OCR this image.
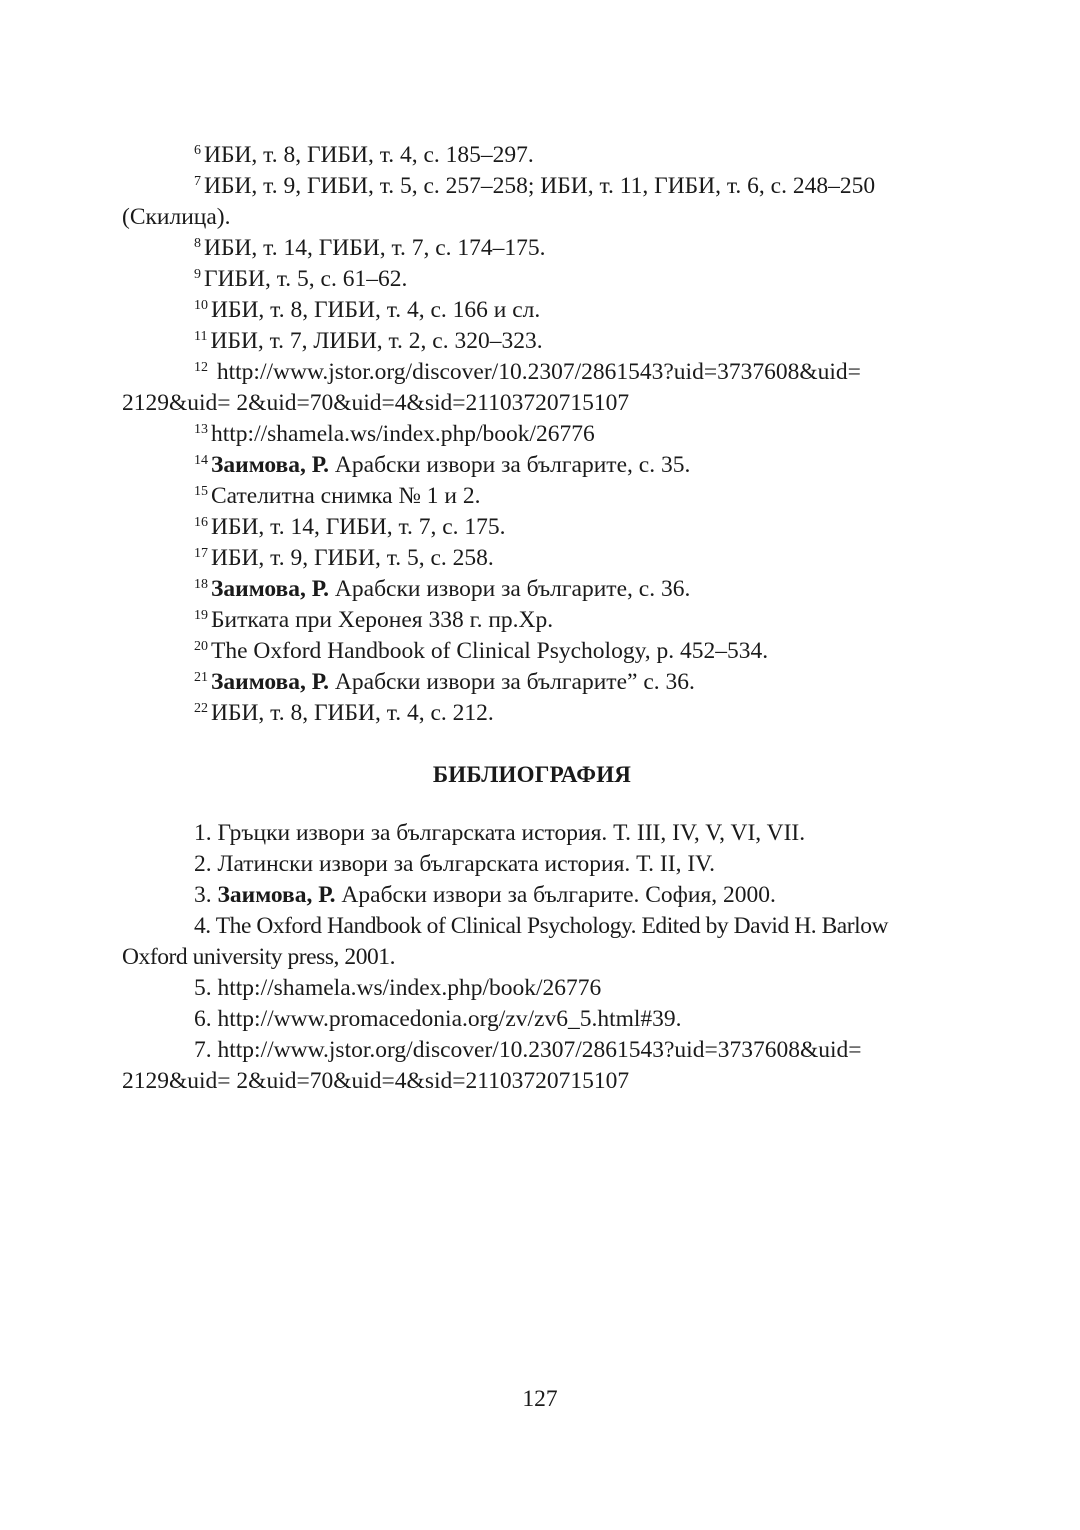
$^6$ ИБИ, т. 8, ГИБИ, т. 4, с. 185–297.

$^7$ ИБИ, т. 9, ГИБИ, т. 5, с. 257–258; ИБИ, т. 11, ГИБИ, т. 6, с. 248–250 (Скилица).

$^8$ ИБИ, т. 14, ГИБИ, т. 7, с. 174–175.

$^9$ ГИБИ, т. 5, с. 61–62.

$^{10}$ ИБИ, т. 8, ГИБИ, т. 4, с. 166 и сл.

$^{11}$ ИБИ, т. 7, ЛИБИ, т. 2, с. 320–323.

$^{12}$ http://www.jstor.org/discover/10.2307/2861543?uid=3737608&uid=
2129&uid= 2&uid=70&uid=4&sid=21103720715107

$^{13}$ http://shamela.ws/index.php/book/26776

$^{14}$ Заимова, Р. Арабски извори за българите, с. 35.

$^{15}$ Сателитна снимка № 1 и 2.

$^{16}$ ИБИ, т. 14, ГИБИ, т. 7, с. 175.

$^{17}$ ИБИ, т. 9, ГИБИ, т. 5, с. 258.

$^{18}$ Заимова, Р. Арабски извори за българите, с. 36.

$^{19}$ Битката при Херонея 338 г. пр.Хр.

$^{20}$ The Oxford Handbook of Clinical Psychology, p. 452–534.

$^{21}$ Заимова, Р. Арабски извори за българите” с. 36.

$^{22}$ ИБИ, т. 8, ГИБИ, т. 4, с. 212.

БИБЛИОГРАФИЯ

1. Гръцки извори за българската история. Т. III, IV, V, VI, VII.

2. Латински извори за българската история. Т. II, IV.

3. Заимова, Р. Арабски извори за българите. София, 2000.

4. The Oxford Handbook of Clinical Psychology. Edited by David H. Barlow Oxford university press, 2001.

5. http://shamela.ws/index.php/book/26776

6. http://www.promacedonia.org/zv/zv6_5.html#39.

7. http://www.jstor.org/discover/10.2307/2861543?uid=3737608&uid=
2129&uid= 2&uid=70&uid=4&sid=21103720715107

127
